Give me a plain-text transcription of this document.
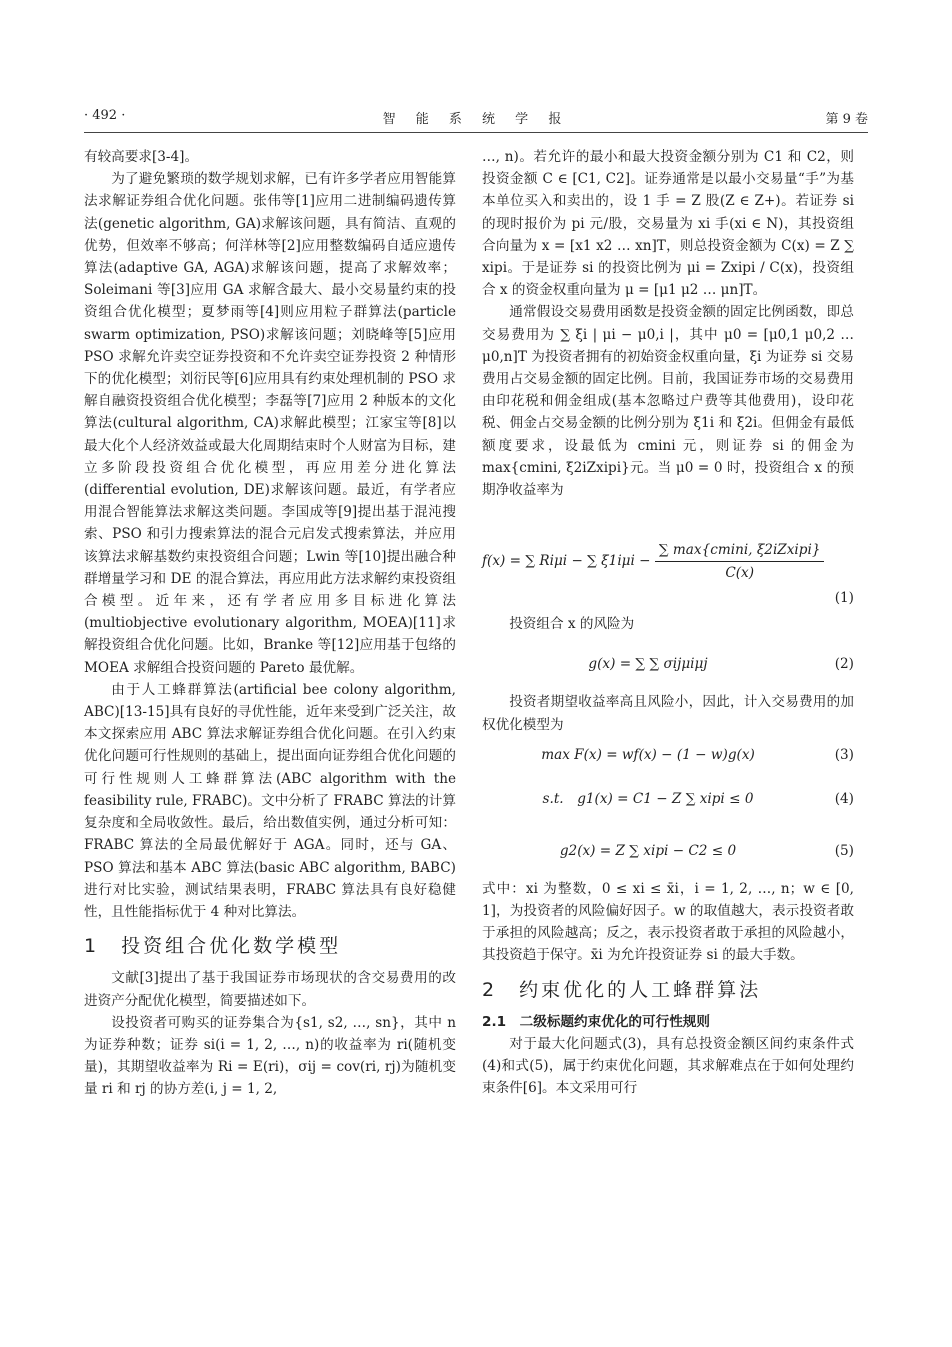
· 492 ·	智 能 系 统 学 报	第 9 卷

有较高要求[3-4]。

为了避免繁琐的数学规划求解，已有许多学者应用智能算法求解证券组合优化问题。张伟等[1]应用二进制编码遗传算法(genetic algorithm, GA)求解该问题，具有简洁、直观的优势，但效率不够高；何洋林等[2]应用整数编码自适应遗传算法(adaptive GA, AGA)求解该问题，提高了求解效率；Soleimani 等[3]应用 GA 求解含最大、最小交易量约束的投资组合优化模型；夏梦雨等[4]则应用粒子群算法(particle swarm optimization, PSO)求解该问题；刘晓峰等[5]应用 PSO 求解允许卖空证券投资和不允许卖空证券投资 2 种情形下的优化模型；刘衍民等[6]应用具有约束处理机制的 PSO 求解自融资投资组合优化模型；李磊等[7]应用 2 种版本的文化算法(cultural algorithm, CA)求解此模型；江家宝等[8]以最大化个人经济效益或最大化周期结束时个人财富为目标，建立多阶段投资组合优化模型，再应用差分进化算法(differential evolution, DE)求解该问题。最近，有学者应用混合智能算法求解这类问题。李国成等[9]提出基于混沌搜索、PSO 和引力搜索算法的混合元启发式搜索算法，并应用该算法求解基数约束投资组合问题；Lwin 等[10]提出融合种群增量学习和 DE 的混合算法，再应用此方法求解约束投资组合模型。近年来，还有学者应用多目标进化算法(multiobjective evolutionary algorithm, MOEA)[11]求解投资组合优化问题。比如，Branke 等[12]应用基于包络的 MOEA 求解组合投资问题的 Pareto 最优解。

由于人工蜂群算法(artificial bee colony algorithm, ABC)[13-15]具有良好的寻优性能，近年来受到广泛关注，故本文探索应用 ABC 算法求解证券组合优化问题。在引入约束优化问题可行性规则的基础上，提出面向证券组合优化问题的可行性规则人工蜂群算法(ABC algorithm with the feasibility rule, FRABC)。文中分析了 FRABC 算法的计算复杂度和全局收敛性。最后，给出数值实例，通过分析可知：FRABC 算法的全局最优解好于 AGA。同时，还与 GA、PSO 算法和基本 ABC 算法(basic ABC algorithm, BABC)进行对比实验，测试结果表明，FRABC 算法具有良好稳健性，且性能指标优于 4 种对比算法。

1　投资组合优化数学模型

文献[3]提出了基于我国证券市场现状的含交易费用的改进资产分配优化模型，简要描述如下。

设投资者可购买的证券集合为{s1, s2, …, sn}，其中 n 为证券种数；证券 si(i = 1, 2, …, n)的收益率为 ri(随机变量)，其期望收益率为 Ri = E(ri)，σij = cov(ri, rj)为随机变量 ri 和 rj 的协方差(i, j = 1, 2,

…, n)。若允许的最小和最大投资金额分别为 C1 和 C2，则投资金额 C ∈ [C1, C2]。证券通常是以最小交易量“手”为基本单位买入和卖出的，设 1 手 = Z 股(Z ∈ Z+)。若证券 si 的现时报价为 pi 元/股，交易量为 xi 手(xi ∈ N)，其投资组合向量为 x = [x1 x2 … xn]T，则总投资金额为 C(x) = Z ∑ xipi。于是证券 si 的投资比例为 μi = Zxipi / C(x)，投资组合 x 的资金权重向量为 μ = [μ1 μ2 … μn]T。

通常假设交易费用函数是投资金额的固定比例函数，即总交易费用为 ∑ ξi | μi − μ0,i |，其中 μ0 = [μ0,1 μ0,2 … μ0,n]T 为投资者拥有的初始资金权重向量，ξi 为证券 si 交易费用占交易金额的固定比例。目前，我国证券市场的交易费用由印花税和佣金组成(基本忽略过户费等其他费用)，设印花税、佣金占交易金额的比例分别为 ξ1i 和 ξ2i。但佣金有最低额度要求，设最低为 cmini 元，则证券 si 的佣金为 max{cmini, ξ2iZxipi}元。当 μ0 = 0 时，投资组合 x 的预期净收益率为

f(x) = ∑ Riμi − ∑ $\xi 1i\mu i - \frac{\text{∑ max\{cmini, ξ2iZxipi\}}}{C(x)}$
(1)

投资组合 x 的风险为

g(x) = ∑ ∑ σijμiμj	(2)

投资者期望收益率高且风险小，因此，计入交易费用的加权优化模型为

max F(x) = wf(x) − (1 − w)g(x)	(3)
s.t.　g1(x) = C1 − Z ∑ xipi ≤ 0	(4)
g2(x) = Z ∑ xipi − C2 ≤ 0	(5)

式中：xi 为整数，0 ≤ xi ≤ x̄i，i = 1, 2, …, n；w ∈ [0, 1]，为投资者的风险偏好因子。w 的取值越大，表示投资者敢于承担的风险越高；反之，表示投资者敢于承担的风险越小，其投资趋于保守。x̄i 为允许投资证券 si 的最大手数。

2　约束优化的人工蜂群算法
2.1　二级标题约束优化的可行性规则

对于最大化问题式(3)，具有总投资金额区间约束条件式(4)和式(5)，属于约束优化问题，其求解难点在于如何处理约束条件[6]。本文采用可行
